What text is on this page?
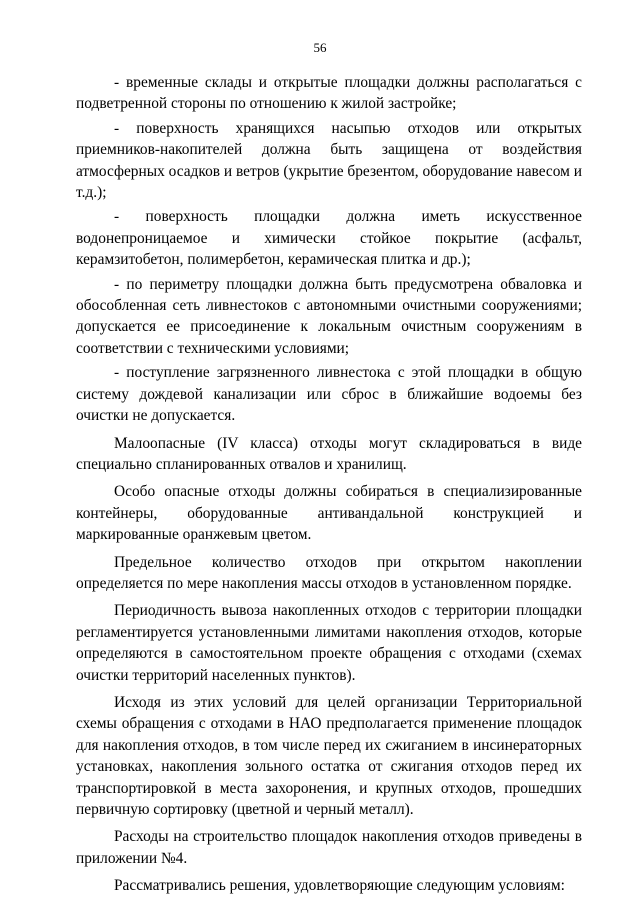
56

- временные склады и открытые площадки должны располагаться с подветренной стороны по отношению к жилой застройке;

- поверхность хранящихся насыпью отходов или открытых приемников-накопителей должна быть защищена от воздействия атмосферных осадков и ветров (укрытие брезентом, оборудование навесом и т.д.);

- поверхность площадки должна иметь искусственное водонепроницаемое и химически стойкое покрытие (асфальт, керамзитобетон, полимербетон, керамическая плитка и др.);

- по периметру площадки должна быть предусмотрена обваловка и обособленная сеть ливнестоков с автономными очистными сооружениями; допускается ее присоединение к локальным очистным сооружениям в соответствии с техническими условиями;

- поступление загрязненного ливнестока с этой площадки в общую систему дождевой канализации или сброс в ближайшие водоемы без очистки не допускается.

Малоопасные (IV класса) отходы могут складироваться в виде специально спланированных отвалов и хранилищ.

Особо опасные отходы должны собираться в специализированные контейнеры, оборудованные антивандальной конструкцией и маркированные оранжевым цветом.

Предельное количество отходов при открытом накоплении определяется по мере накопления массы отходов в установленном порядке.

Периодичность вывоза накопленных отходов с территории площадки регламентируется установленными лимитами накопления отходов, которые определяются в самостоятельном проекте обращения с отходами (схемах очистки территорий населенных пунктов).

Исходя из этих условий для целей организации Территориальной схемы обращения с отходами в НАО предполагается применение площадок для накопления отходов, в том числе перед их сжиганием в инсинераторных установках, накопления зольного остатка от сжигания отходов перед их транспортировкой в места захоронения, и крупных отходов, прошедших первичную сортировку (цветной и черный металл).

Расходы на строительство площадок накопления отходов приведены в приложении №4.

Рассматривались решения, удовлетворяющие следующим условиям:
